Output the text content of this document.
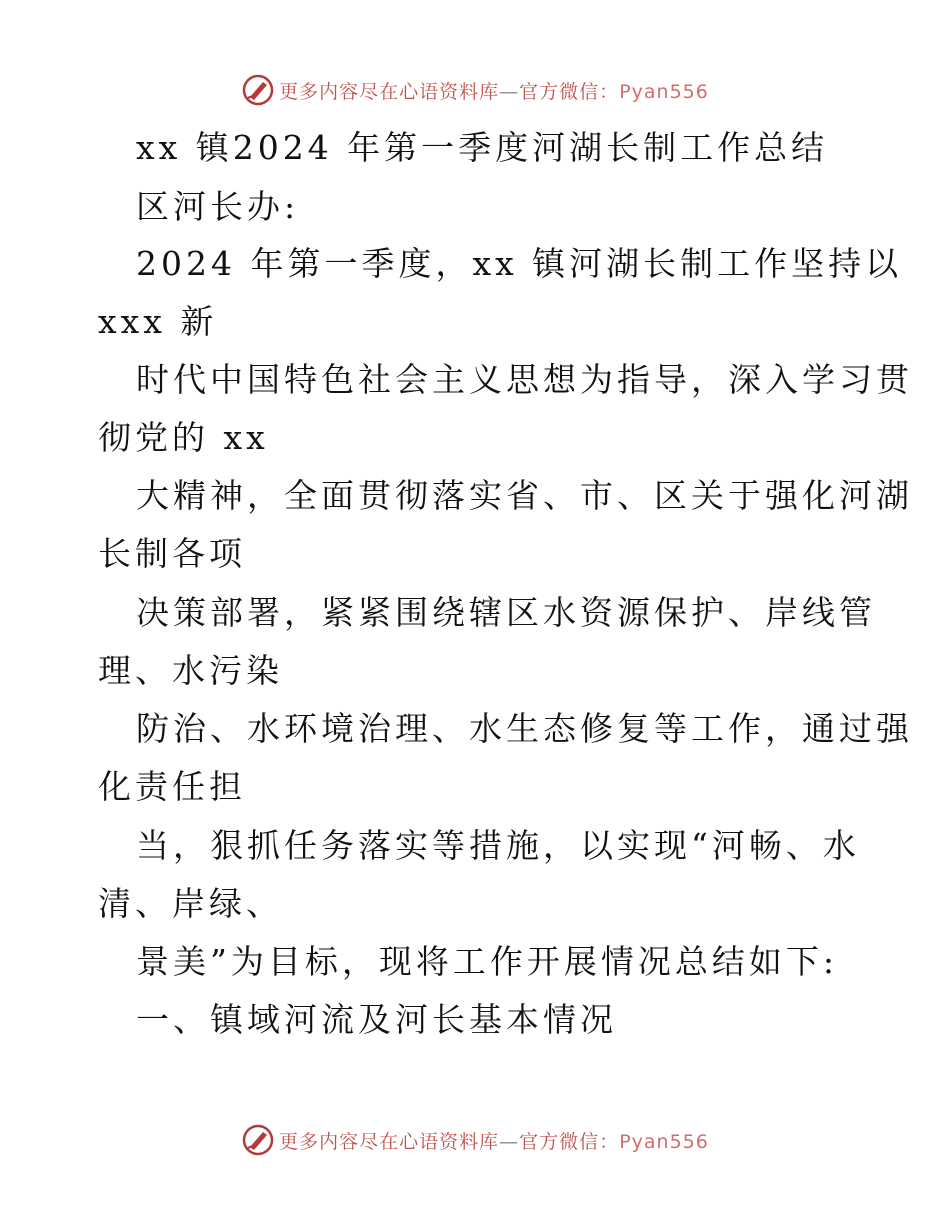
更多内容尽在心语资料库—官方微信：Pyan556
xx 镇2024 年第一季度河湖长制工作总结
区河长办:
2024 年第一季度，xx 镇河湖长制工作坚持以
xxx 新
时代中国特色社会主义思想为指导，深入学习贯
彻党的 xx
大精神，全面贯彻落实省、市、区关于强化河湖
长制各项
决策部署，紧紧围绕辖区水资源保护、岸线管
理、水污染
防治、水环境治理、水生态修复等工作，通过强
化责任担
当，狠抓任务落实等措施，以实现“河畅、水
清、岸绿、
景美”为目标，现将工作开展情况总结如下:
一、镇域河流及河长基本情况
更多内容尽在心语资料库—官方微信：Pyan556
